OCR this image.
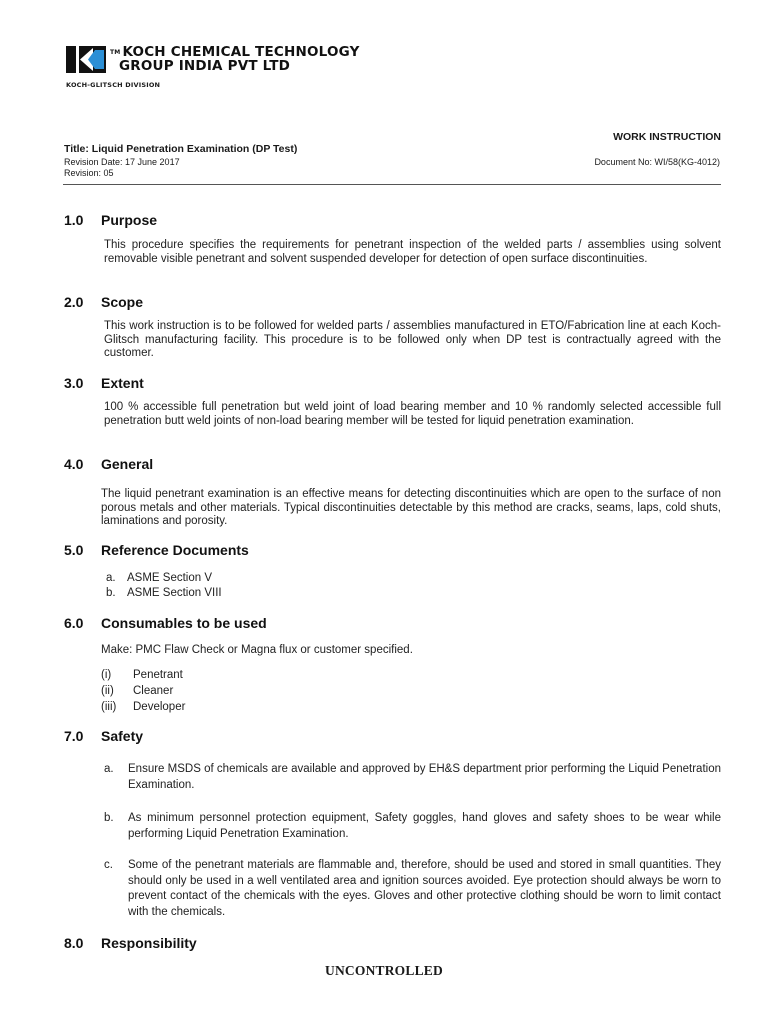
™ KOCH CHEMICAL TECHNOLOGY
GROUP INDIA PVT LTD
KOCH-GLITSCH DIVISION
WORK INSTRUCTION
Title: Liquid Penetration Examination (DP Test)
Revision Date: 17 June 2017	Document No: WI/58(KG-4012)
Revision: 05
1.0 Purpose
This procedure specifies the requirements for penetrant inspection of the welded parts / assemblies using solvent removable visible penetrant and solvent suspended developer for detection of open surface discontinuities.
2.0 Scope
This work instruction is to be followed for welded parts / assemblies manufactured in ETO/Fabrication line at each Koch-Glitsch manufacturing facility. This procedure is to be followed only when DP test is contractually agreed with the customer.
3.0 Extent
100 % accessible full penetration but weld joint of load bearing member and 10 % randomly selected accessible full penetration butt weld joints of non-load bearing member will be tested for liquid penetration examination.
4.0 General
The liquid penetrant examination is an effective means for detecting discontinuities which are open to the surface of non porous metals and other materials. Typical discontinuities detectable by this method are cracks, seams, laps, cold shuts, laminations and porosity.
5.0 Reference Documents
a. ASME Section V
b. ASME Section VIII
6.0 Consumables to be used
Make: PMC Flaw Check or Magna flux or customer specified.
(i) Penetrant
(ii) Cleaner
(iii) Developer
7.0 Safety
a. Ensure MSDS of chemicals are available and approved by EH&S department prior performing the Liquid Penetration Examination.
b. As minimum personnel protection equipment, Safety goggles, hand gloves and safety shoes to be wear while performing Liquid Penetration Examination.
c. Some of the penetrant materials are flammable and, therefore, should be used and stored in small quantities. They should only be used in a well ventilated area and ignition sources avoided. Eye protection should always be worn to prevent contact of the chemicals with the eyes. Gloves and other protective clothing should be worn to limit contact with the chemicals.
8.0 Responsibility
UNCONTROLLED
